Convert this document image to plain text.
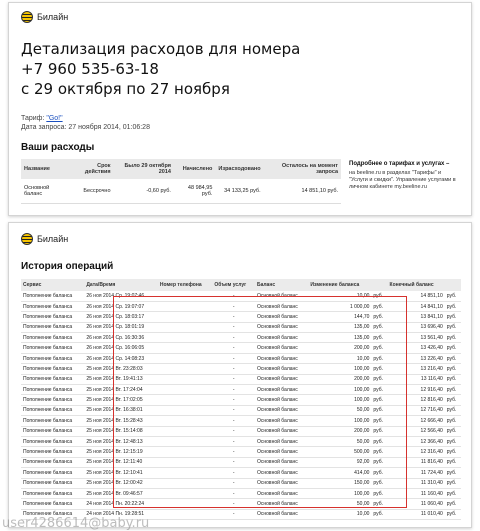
Билайн
Детализация расходов для номера
+7 960 535-63-18
с 29 октября по 27 ноября
Тариф: "Go!"
Дата запроса: 27 ноября 2014, 01:06:28
Ваши расходы
Название	Срок действия	Было 29 октября 2014	Начислено	Израсходовано	Осталось на момент запроса
Основной баланс	Бессрочно	-0,60 руб.	48 984,95 руб.	34 133,25 руб.	14 851,10 руб.
Подробнее о тарифах и услугах –
на beeline.ru в разделах "Тарифы" и "Услуги и скидки". Управление услугами в личном кабинете my.beeline.ru
Билайн
История операций
Сервис	Дата/Время	Номер телефона	Объем услуг	Баланс	Изменение баланса		Конечный баланс	
Пополнение баланса	26 ноя 2014 Ср. 19:07:46		-	Основной баланс	10,00	руб.	14 851,10	руб.
Пополнение баланса	26 ноя 2014 Ср. 19:07:07		-	Основной баланс	1 000,00	руб.	14 841,10	руб.
Пополнение баланса	26 ноя 2014 Ср. 18:03:17		-	Основной баланс	144,70	руб.	13 841,10	руб.
Пополнение баланса	26 ноя 2014 Ср. 18:01:19		-	Основной баланс	135,00	руб.	13 696,40	руб.
Пополнение баланса	26 ноя 2014 Ср. 16:30:36		-	Основной баланс	135,00	руб.	13 561,40	руб.
Пополнение баланса	26 ноя 2014 Ср. 16:06:05		-	Основной баланс	200,00	руб.	13 426,40	руб.
Пополнение баланса	26 ноя 2014 Ср. 14:08:23		-	Основной баланс	10,00	руб.	13 226,40	руб.
Пополнение баланса	25 ноя 2014 Вт. 23:28:03		-	Основной баланс	100,00	руб.	13 216,40	руб.
Пополнение баланса	25 ноя 2014 Вт. 19:41:13		-	Основной баланс	200,00	руб.	13 116,40	руб.
Пополнение баланса	25 ноя 2014 Вт. 17:24:04		-	Основной баланс	100,00	руб.	12 916,40	руб.
Пополнение баланса	25 ноя 2014 Вт. 17:02:05		-	Основной баланс	100,00	руб.	12 816,40	руб.
Пополнение баланса	25 ноя 2014 Вт. 16:38:01		-	Основной баланс	50,00	руб.	12 716,40	руб.
Пополнение баланса	25 ноя 2014 Вт. 15:28:43		-	Основной баланс	100,00	руб.	12 666,40	руб.
Пополнение баланса	25 ноя 2014 Вт. 15:14:08		-	Основной баланс	200,00	руб.	12 566,40	руб.
Пополнение баланса	25 ноя 2014 Вт. 12:48:13		-	Основной баланс	50,00	руб.	12 366,40	руб.
Пополнение баланса	25 ноя 2014 Вт. 12:15:19		-	Основной баланс	500,00	руб.	12 316,40	руб.
Пополнение баланса	25 ноя 2014 Вт. 12:11:40		-	Основной баланс	92,00	руб.	11 816,40	руб.
Пополнение баланса	25 ноя 2014 Вт. 12:10:41		-	Основной баланс	414,00	руб.	11 724,40	руб.
Пополнение баланса	25 ноя 2014 Вт. 12:00:42		-	Основной баланс	150,00	руб.	11 310,40	руб.
Пополнение баланса	25 ноя 2014 Вт. 09:46:57		-	Основной баланс	100,00	руб.	11 160,40	руб.
Пополнение баланса	24 ноя 2014 Пн. 20:22:24		-	Основной баланс	50,00	руб.	11 060,40	руб.
Пополнение баланса	24 ноя 2014 Пн. 19:28:51		-	Основной баланс	10,00	руб.	11 010,40	руб.
user4286614@baby.ru
